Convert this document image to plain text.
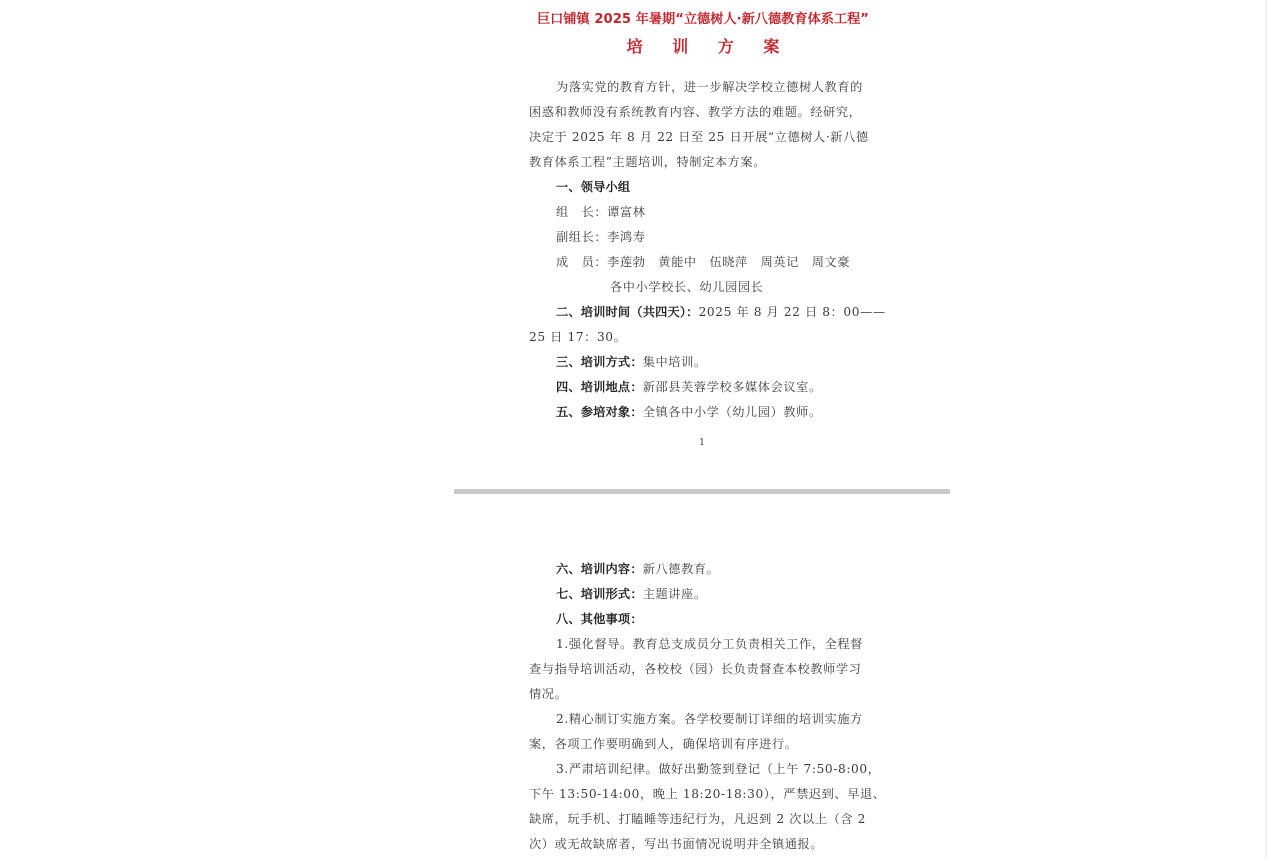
巨口铺镇 2025 年暑期“立德树人·新八德教育体系工程”
培 训 方 案
为落实党的教育方针，进一步解决学校立德树人教育的
困惑和教师没有系统教育内容、教学方法的难题。经研究，
决定于 2025 年 8 月 22 日至 25 日开展“立德树人·新八德
教育体系工程”主题培训，特制定本方案。
一、领导小组
组　长：谭富林
副组长：李鸿寿
成　员：李莲勃　黄能中　伍晓萍　周英记　周文豪
各中小学校长、幼儿园园长
二、培训时间（共四天）：2025 年 8 月 22 日 8：00——
25 日 17：30。
三、培训方式：集中培训。
四、培训地点：新邵县芙蓉学校多媒体会议室。
五、参培对象：全镇各中小学（幼儿园）教师。
1
六、培训内容：新八德教育。
七、培训形式：主题讲座。
八、其他事项：
1.强化督导。教育总支成员分工负责相关工作，全程督
查与指导培训活动，各校校（园）长负责督查本校教师学习
情况。
2.精心制订实施方案。各学校要制订详细的培训实施方
案，各项工作要明确到人，确保培训有序进行。
3.严肃培训纪律。做好出勤签到登记（上午 7:50-8:00，
下午 13:50-14:00，晚上 18:20-18:30），严禁迟到、早退、
缺席，玩手机、打瞌睡等违纪行为，凡迟到 2 次以上（含 2
次）或无故缺席者，写出书面情况说明并全镇通报。
